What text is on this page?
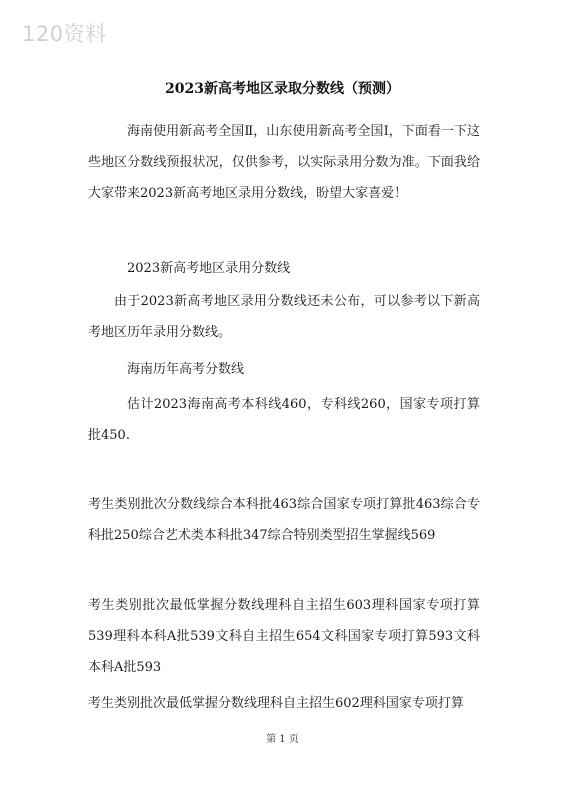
120资料
2023新高考地区录取分数线（预测）

海南使用新高考全国Ⅱ，山东使用新高考全国Ⅰ，下面看一下这些地区分数线预报状况，仅供参考，以实际录用分数为准。下面我给大家带来2023新高考地区录用分数线，盼望大家喜爱！

2023新高考地区录用分数线

由于2023新高考地区录用分数线还未公布，可以参考以下新高考地区历年录用分数线。

海南历年高考分数线

估计2023海南高考本科线460，专科线260，国家专项打算批450.

考生类别批次分数线综合本科批463综合国家专项打算批463综合专科批250综合艺术类本科批347综合特别类型招生掌握线569

考生类别批次最低掌握分数线理科自主招生603理科国家专项打算539理科本科A批539文科自主招生654文科国家专项打算593文科本科A批593

考生类别批次最低掌握分数线理科自主招生602理科国家专项打算

第 1 页
